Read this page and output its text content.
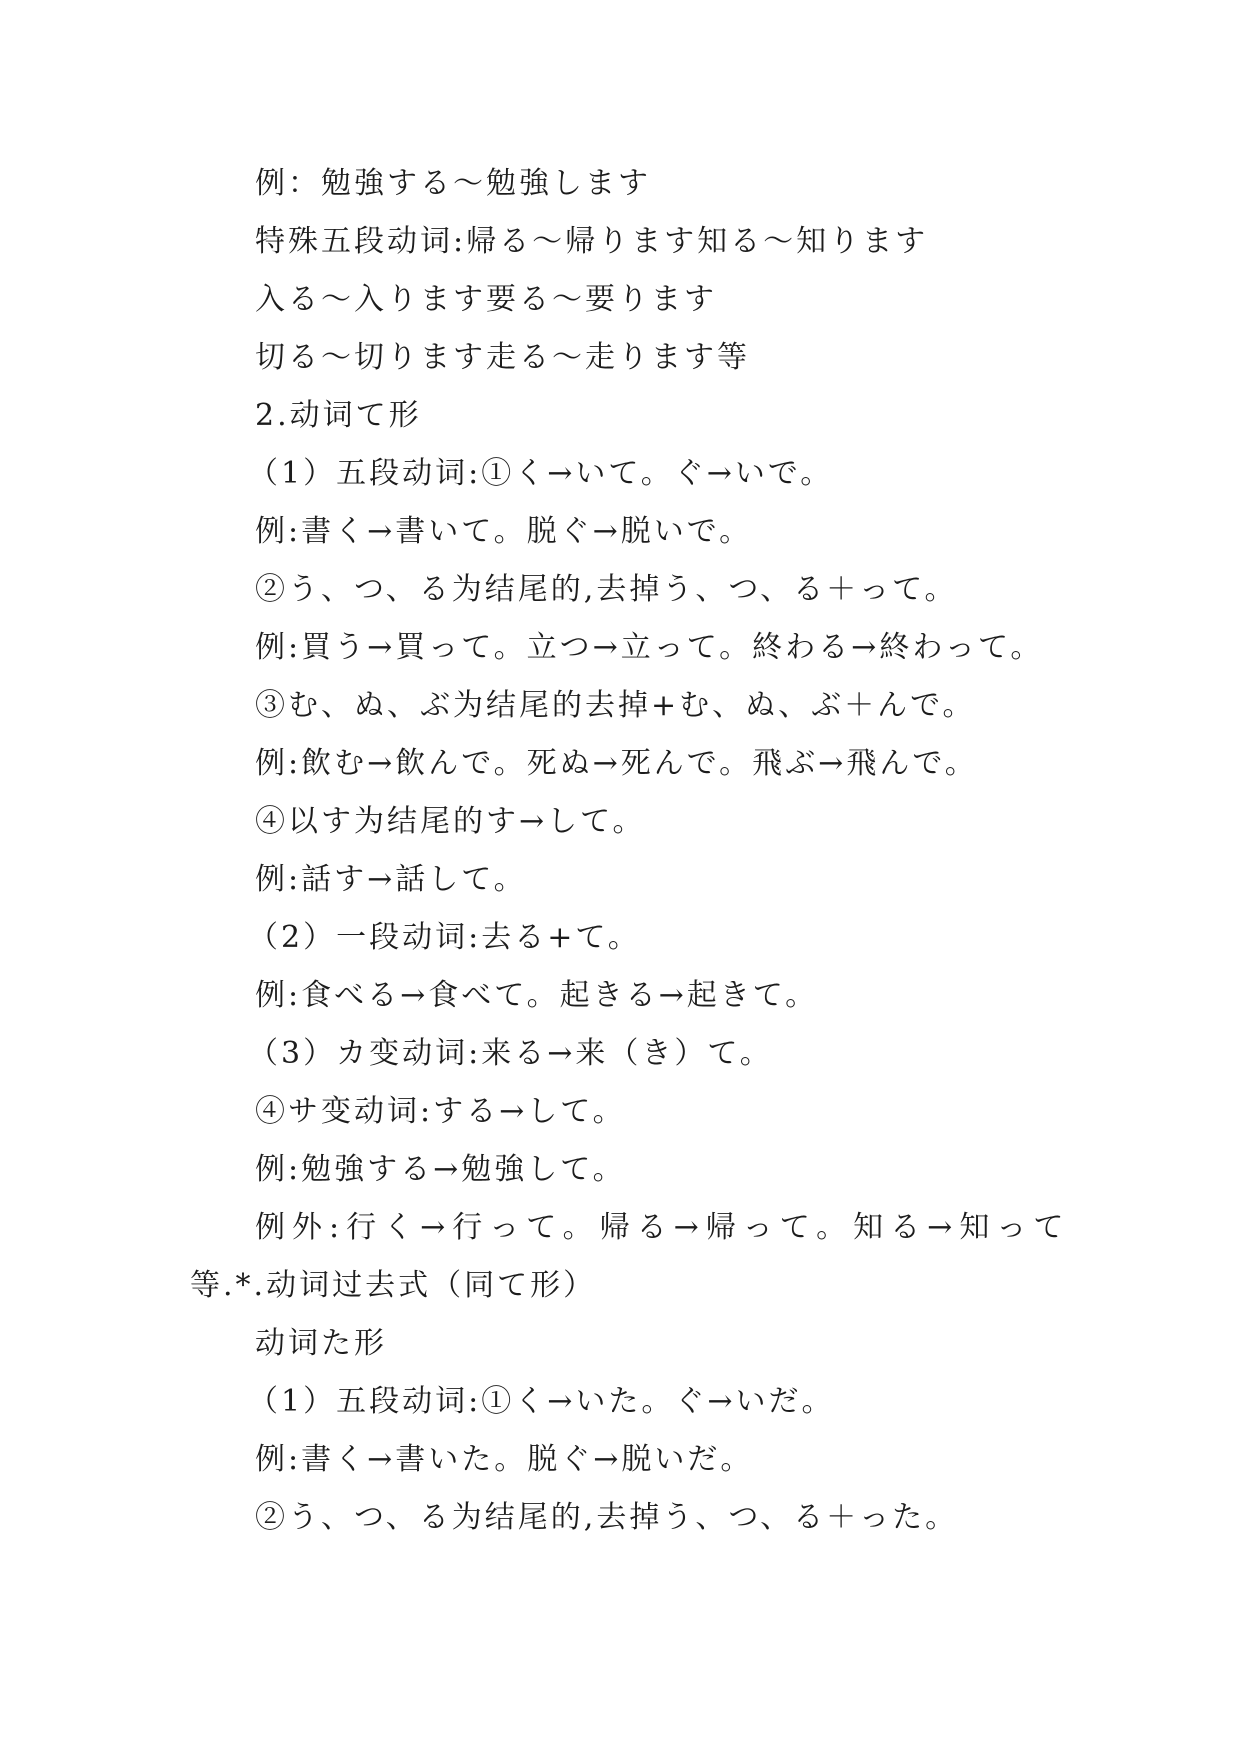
例：勉強する～勉強します
特殊五段动词:帰る～帰ります知る～知ります
入る～入ります要る～要ります
切る～切ります走る～走ります等
2.动词て形
（1）五段动词:①く→いて。ぐ→いで。
例:書く→書いて。脱ぐ→脱いで。
②う、つ、る为结尾的,去掉う、つ、る＋って。
例:買う→買って。立つ→立って。終わる→終わって。
③む、ぬ、ぶ为结尾的去掉+む、ぬ、ぶ＋んで。
例:飲む→飲んで。死ぬ→死んで。飛ぶ→飛んで。
④以す为结尾的す→して。
例:話す→話して。
（2）一段动词:去る+て。
例:食べる→食べて。起きる→起きて。
（3）カ变动词:来る→来（き）て。
④サ变动词:する→して。
例:勉強する→勉強して。
例外:行く→行って。帰る→帰って。知る→知って
等.*.动词过去式（同て形）
动词た形
（1）五段动词:①く→いた。ぐ→いだ。
例:書く→書いた。脱ぐ→脱いだ。
②う、つ、る为结尾的,去掉う、つ、る＋った。
